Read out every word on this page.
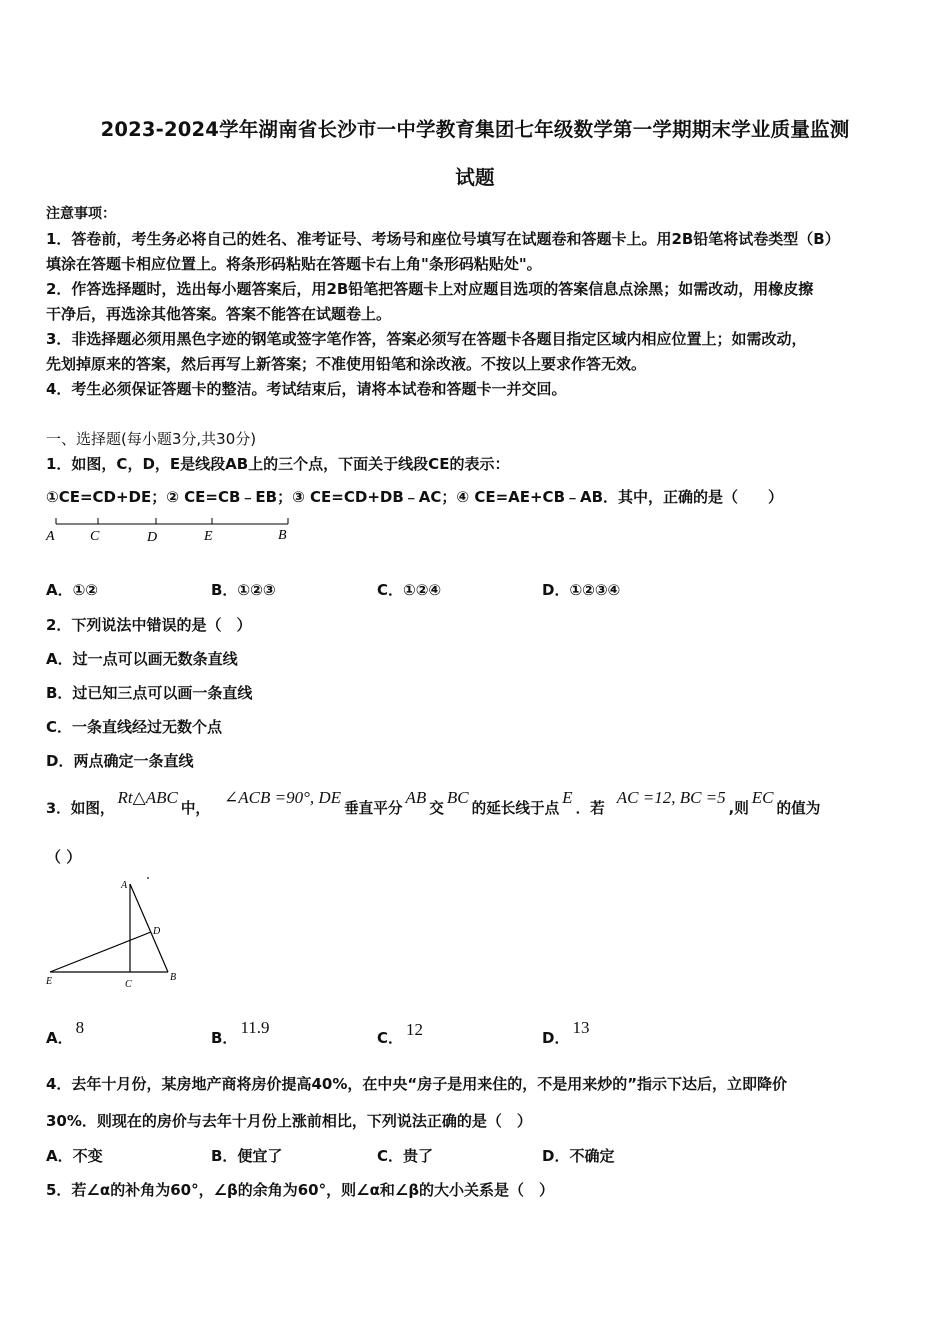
2023-2024学年湖南省长沙市一中学教育集团七年级数学第一学期期末学业质量监测
试题
注意事项：
1．答卷前，考生务必将自己的姓名、准考证号、考场号和座位号填写在试题卷和答题卡上。用2B铅笔将试卷类型（B）
填涂在答题卡相应位置上。将条形码粘贴在答题卡右上角"条形码粘贴处"。
2．作答选择题时，选出每小题答案后，用2B铅笔把答题卡上对应题目选项的答案信息点涂黑；如需改动，用橡皮擦
干净后，再选涂其他答案。答案不能答在试题卷上。
3．非选择题必须用黑色字迹的钢笔或签字笔作答，答案必须写在答题卡各题目指定区域内相应位置上；如需改动，
先划掉原来的答案，然后再写上新答案；不准使用铅笔和涂改液。不按以上要求作答无效。
4．考生必须保证答题卡的整洁。考试结束后，请将本试卷和答题卡一并交回。
一、选择题(每小题3分,共30分)
1．如图，C，D，E是线段AB上的三个点，下面关于线段CE的表示：
①CE=CD+DE；② CE=CB﹣EB；③ CE=CD+DB﹣AC；④ CE=AE+CB﹣AB．其中，正确的是（　　）
A	C	D	E	B
A．①②	B．①②③	C．①②④	D．①②③④
2．下列说法中错误的是（　）
A．过一点可以画无数条直线
B．过已知三点可以画一条直线
C．一条直线经过无数个点
D．两点确定一条直线
3．如图，Rt△ABC中，∠ACB =90°, DE垂直平分AB交BC的延长线于点E．若AC =12, BC =5,则EC的值为
（ ）
A
D
E	C
B
A．8
B．11.9
C． 12	D．13
4．去年十月份，某房地产商将房价提高40%，在中央“房子是用来住的，不是用来炒的”指示下达后，立即降价
30%．则现在的房价与去年十月份上涨前相比，下列说法正确的是（　）
A．不变	B．便宜了	C．贵了	D．不确定
5．若∠α的补角为60°，∠β的余角为60°，则∠α和∠β的大小关系是（　）
